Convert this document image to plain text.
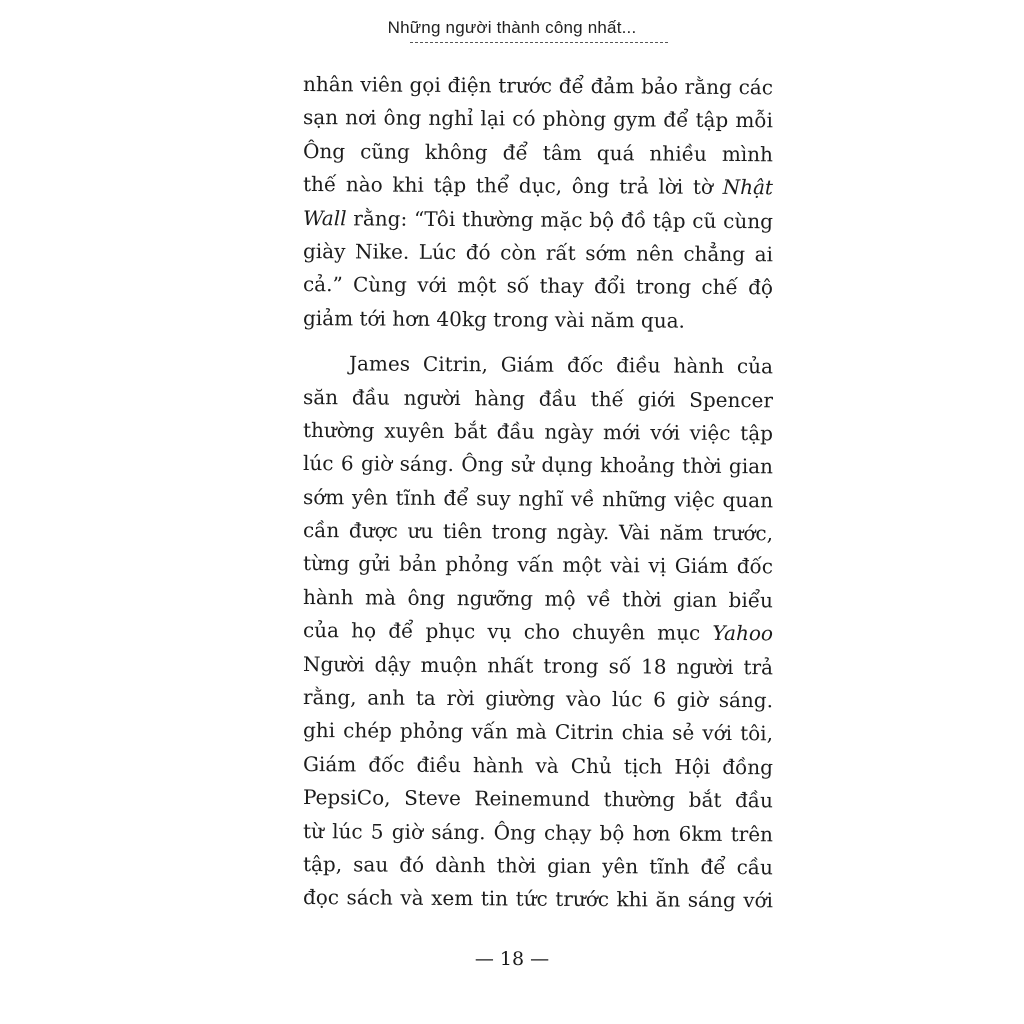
Những người thành công nhất...
nhân viên gọi điện trước để đảm bảo rằng các
sạn nơi ông nghỉ lại có phòng gym để tập mỗi
Ông cũng không để tâm quá nhiều mình
thế nào khi tập thể dục, ông trả lời tờ Nhật
Wall rằng: “Tôi thường mặc bộ đồ tập cũ cùng
giày Nike. Lúc đó còn rất sớm nên chẳng ai
cả.” Cùng với một số thay đổi trong chế độ
giảm tới hơn 40kg trong vài năm qua.
James Citrin, Giám đốc điều hành của
săn đầu người hàng đầu thế giới Spencer
thường xuyên bắt đầu ngày mới với việc tập
lúc 6 giờ sáng. Ông sử dụng khoảng thời gian
sớm yên tĩnh để suy nghĩ về những việc quan
cần được ưu tiên trong ngày. Vài năm trước,
từng gửi bản phỏng vấn một vài vị Giám đốc
hành mà ông ngưỡng mộ về thời gian biểu
của họ để phục vụ cho chuyên mục Yahoo
Người dậy muộn nhất trong số 18 người trả
rằng, anh ta rời giường vào lúc 6 giờ sáng.
ghi chép phỏng vấn mà Citrin chia sẻ với tôi,
Giám đốc điều hành và Chủ tịch Hội đồng
PepsiCo, Steve Reinemund thường bắt đầu
từ lúc 5 giờ sáng. Ông chạy bộ hơn 6km trên
tập, sau đó dành thời gian yên tĩnh để cầu
đọc sách và xem tin tức trước khi ăn sáng với
— 18 —
